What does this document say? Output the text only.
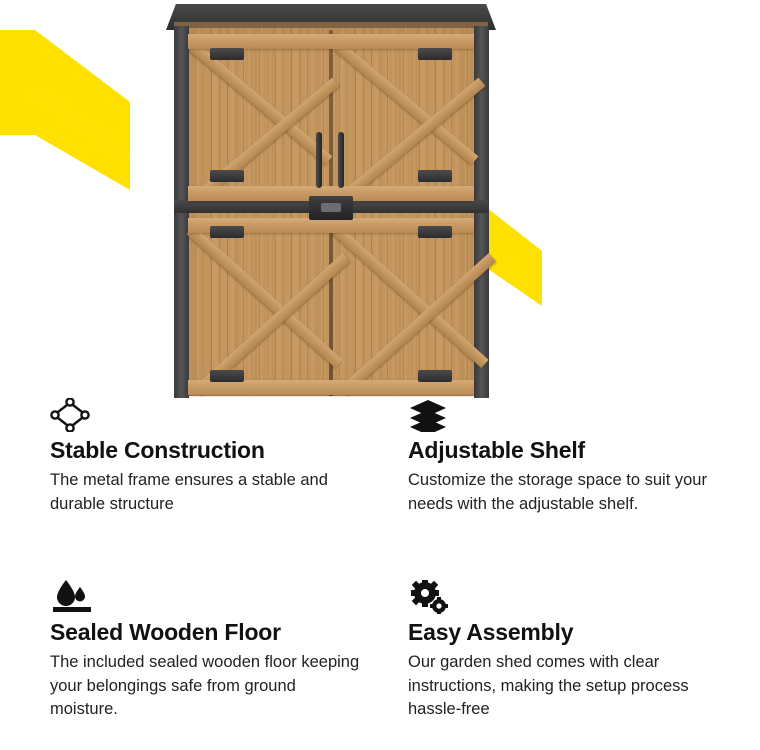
Stable Construction

The metal frame ensures a stable and durable structure

Adjustable Shelf

Customize the storage space to suit your needs with the adjustable shelf.

Sealed Wooden Floor

The included sealed wooden floor keeping your belongings safe from ground moisture.

Easy Assembly

Our garden shed comes with clear instructions, making the setup process hassle-free
